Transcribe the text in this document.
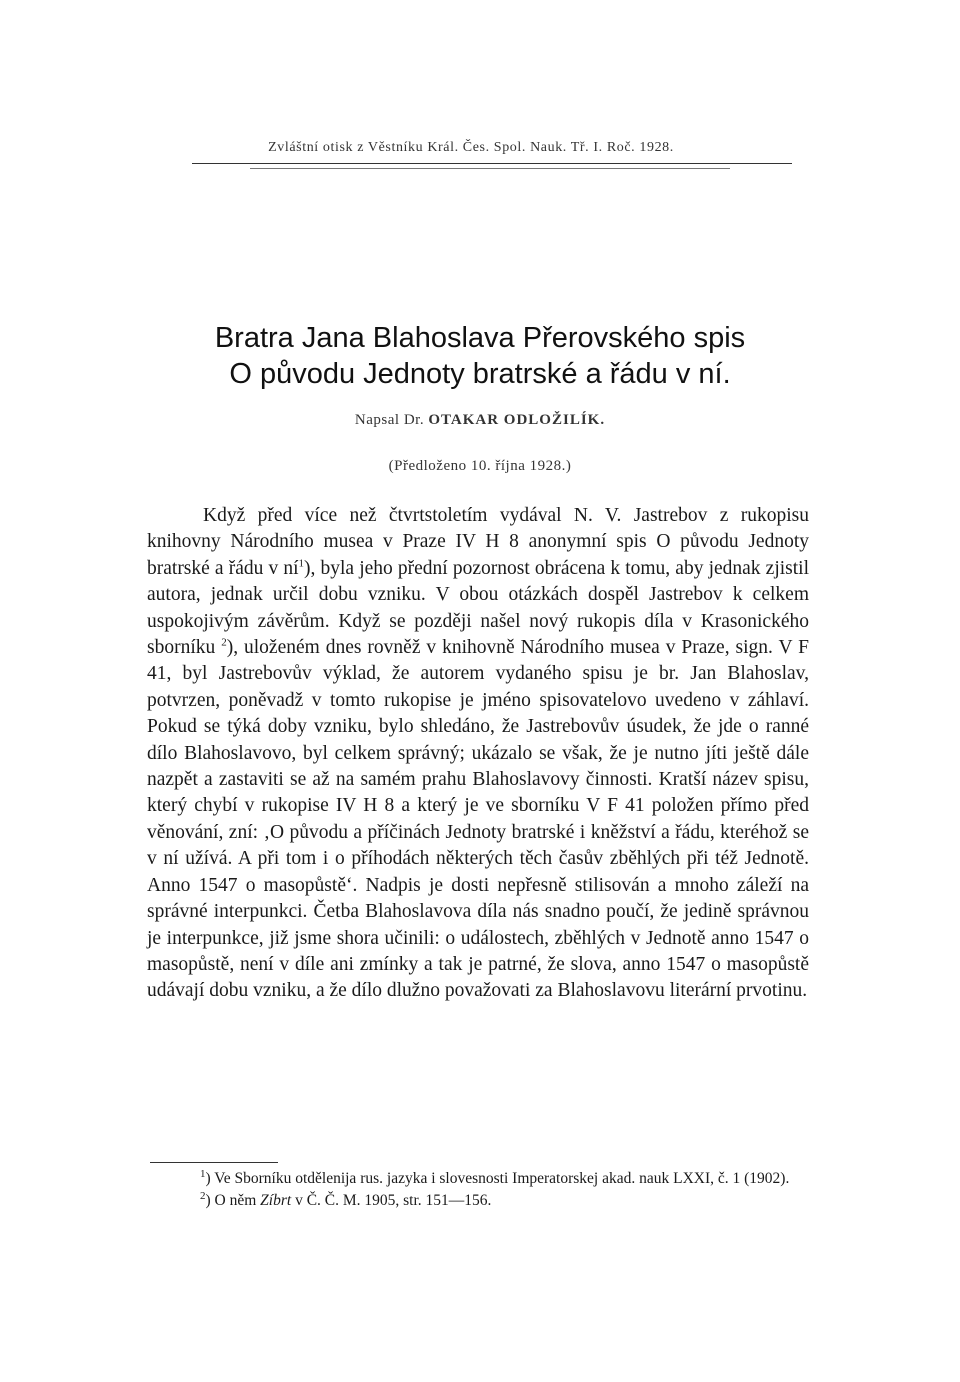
Zvláštní otisk z Věstníku Král. Čes. Spol. Nauk. Tř. I. Roč. 1928.
Bratra Jana Blahoslava Přerovského spis
O původu Jednoty bratrské a řádu v ní.
Napsal Dr. OTAKAR ODLOŽILÍK.
(Předloženo 10. října 1928.)

Když před více než čtvrtstoletím vydával N. V. Jastrebov z rukopisu knihovny Národního musea v Praze IV H 8 anonymní spis O původu Jednoty bratrské a řádu v $ní^1$), byla jeho přední pozornost obrácena k tomu, aby jednak zjistil autora, jednak určil dobu vzniku. V obou otázkách dospěl Jastrebov k celkem uspokojivým závěrům. Když se později našel nový rukopis díla v Krasonického sborníku $^2$), uloženém dnes rovněž v knihovně Národního musea v Praze, sign. V F 41, byl Jastrebovův výklad, že autorem vydaného spisu je br. Jan Blahoslav, potvrzen, poněvadž v tomto rukopise je jméno spisovatelovo uvedeno v záhlaví. Pokud se týká doby vzniku, bylo shledáno, že Jastrebovův úsudek, že jde o ranné dílo Blahoslavovo, byl celkem správný; ukázalo se však, že je nutno jíti ještě dále nazpět a zastaviti se až na samém prahu Blahoslavovy činnosti. Kratší název spisu, který chybí v rukopise IV H 8 a který je ve sborníku V F 41 položen přímo před věnování, zní: ‚O původu a příčinách Jednoty bratrské i kněžství a řádu, kteréhož se v ní užívá. A při tom i o příhodách některých těch časův zběhlých při též Jednotě. Anno 1547 o masopůstě‘. Nadpis je dosti nepřesně stilisován a mnoho záleží na správné interpunkci. Četba Blahoslavova díla nás snadno poučí, že jedině správnou je interpunkce, již jsme shora učinili: o událostech, zběhlých v Jednotě anno 1547 o masopůstě, není v díle ani zmínky a tak je patrné, že slova, anno 1547 o masopůstě udávají dobu vzniku, a že dílo dlužno považovati za Blahoslavovu literární prvotinu.

$^1$) Ve Sborníku otdělenija rus. jazyka i slovesnosti Imperatorskej akad. nauk LXXI, č. 1 (1902).

$^2$) O něm Zíbrt v Č. Č. M. 1905, str. 151—156.
